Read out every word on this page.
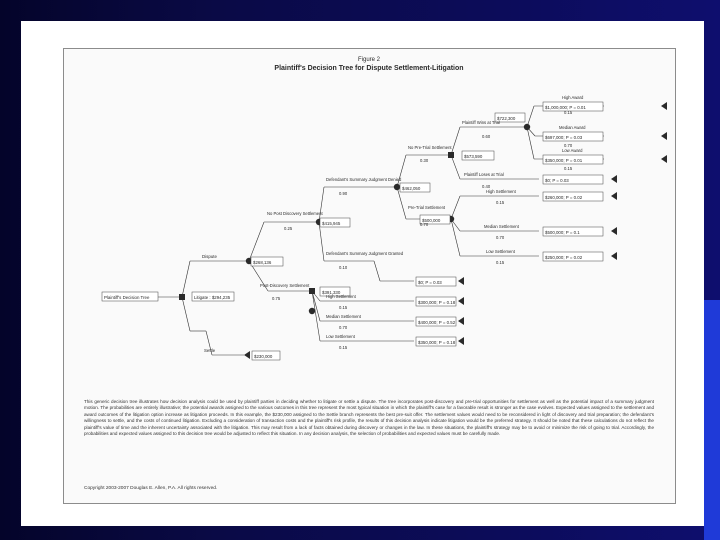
Figure 2
Plaintiff's Decision Tree for Dispute Settlement-Litigation
Plaintiff's Decision Tree	Litigate : $294,235
Dispute
$268,136
Settle
$230,000
No Post Discovery Settlement
0.25
$415,945
Post-Discovery Settlement
0.75
$391,330
Defendant's Summary Judgment Denied
0.90
$462,050
Defendant's Summary Judgment Granted
0.10
$0; P = 0.03
No Pre-Trial Settlement
0.30
$573,590
Pre-Trial Settlement
0.70
$500,000
Plaintiff Wins at Trial
0.60
$722,300
Plaintiff Loses at Trial
0.40
$0; P = 0.03
High Award
0.15
$1,000,000; P = 0.01
Median Award
0.70
$697,000; P = 0.03
Low Award
0.15
$350,000; P = 0.01
High Settlement
0.15
$260,000; P = 0.02
Median Settlement
0.70
$500,000; P = 0.1
Low Settlement
0.15
$250,000; P = 0.02
High Settlement
0.15
$300,000; P = 0.18
Median Settlement
0.70
$400,000; P = 0.52
Low Settlement
0.15
$350,000; P = 0.18
This generic decision tree illustrates how decision analysis could be used by plaintiff parties in deciding whether to litigate or settle a dispute. The tree incorporates post-discovery and pre-trial opportunities for settlement as well as the potential impact of a summary judgment motion. The probabilities are entirely illustrative; the potential awards assigned to the various outcomes in this tree represent the most typical situation in which the plaintiff's case for a favorable result is stronger as the case evolves. Expected values assigned to the settlement and award outcomes of the litigation option increase as litigation proceeds. In this example, the $230,000 assigned to the Settle branch represents the best pre-suit offer. The settlement values would need to be reconsidered in light of discovery and trial preparation; the defendant's willingness to settle, and the costs of continued litigation. Excluding a consideration of transaction costs and the plaintiff's risk profile, the results of this decision analysis indicate litigation would be the preferred strategy. It should be noted that these calculations do not reflect the plaintiff's value of time and the inherent uncertainty associated with the litigation. This may result from a lack of facts obtained during discovery or changes in the law. In these situations, the plaintiff's strategy may be to avoid or minimize the risk of going to trial. Accordingly, the probabilities and expected values assigned to this decision tree would be adjusted to reflect this situation. In any decision analysis, the selection of probabilities and expected values must be carefully made.
Copyright 2003-2007 Douglas E. Allen, P.A. All rights reserved.
